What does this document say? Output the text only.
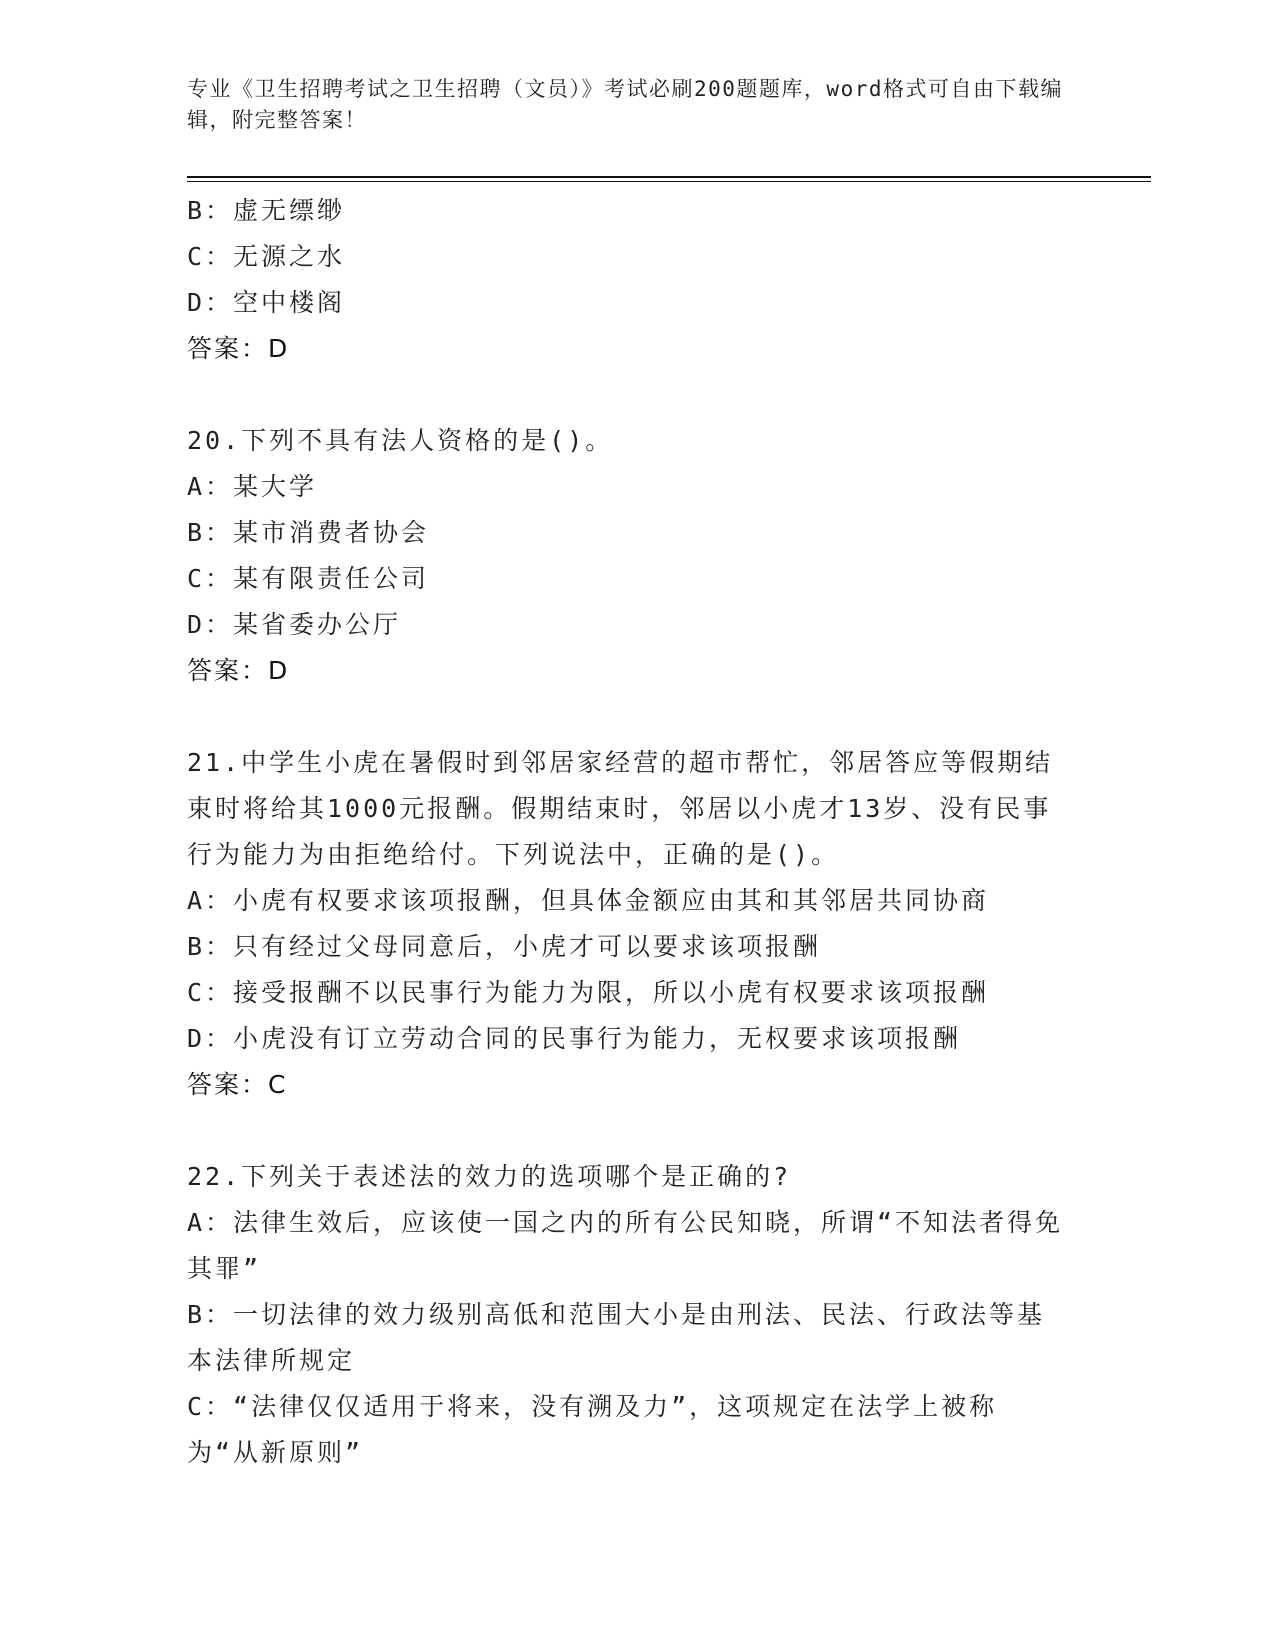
专业《卫生招聘考试之卫生招聘（文员）》考试必刷200题题库，word格式可自由下载编辑，附完整答案！
B：虚无缥缈
C：无源之水
D：空中楼阁
答案：D
20.下列不具有法人资格的是()。
A：某大学
B：某市消费者协会
C：某有限责任公司
D：某省委办公厅
答案：D
21.中学生小虎在暑假时到邻居家经营的超市帮忙，邻居答应等假期结束时将给其1000元报酬。假期结束时，邻居以小虎才13岁、没有民事行为能力为由拒绝给付。下列说法中，正确的是()。
A：小虎有权要求该项报酬，但具体金额应由其和其邻居共同协商
B：只有经过父母同意后，小虎才可以要求该项报酬
C：接受报酬不以民事行为能力为限，所以小虎有权要求该项报酬
D：小虎没有订立劳动合同的民事行为能力，无权要求该项报酬
答案：C
22.下列关于表述法的效力的选项哪个是正确的?
A：法律生效后，应该使一国之内的所有公民知晓，所谓“不知法者得免其罪”
B：一切法律的效力级别高低和范围大小是由刑法、民法、行政法等基本法律所规定
C：“法律仅仅适用于将来，没有溯及力”，这项规定在法学上被称为“从新原则”
